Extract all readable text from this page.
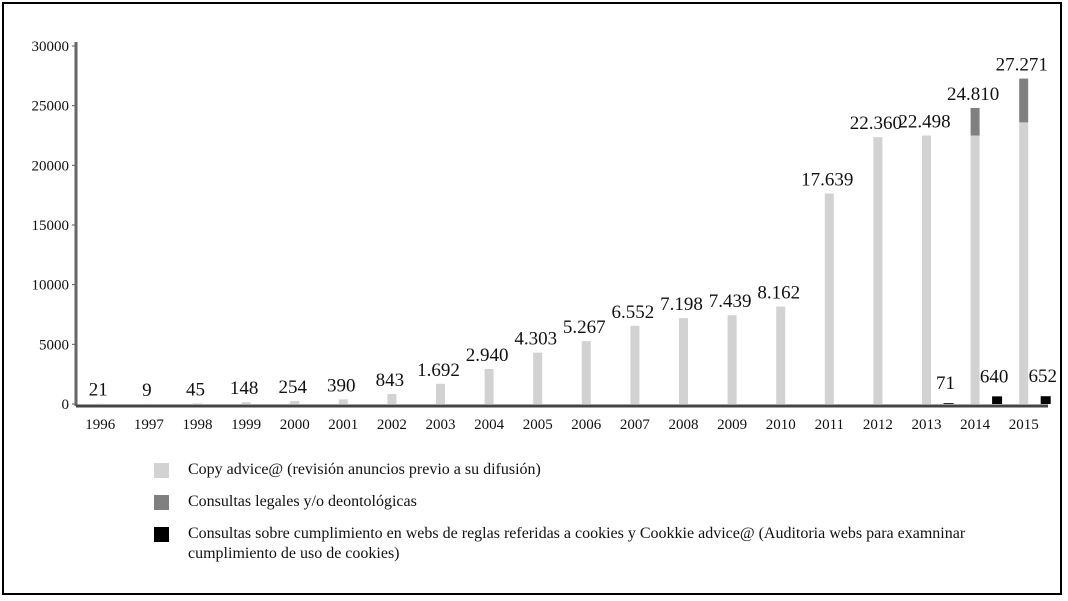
0
5000
10000
15000
20000
25000
30000
21
1996
9
1997
45
1998
148
1999
254
2000
390
2001
843
2002
1.692
2003
2.940
2004
4.303
2005
5.267
2006
6.552
2007
7.198
2008
7.439
2009
8.162
2010
17.639
2011
22.360
2012
22.498
2013
24.810
2014
27.271
2015
71 640 652
Copy advice@ (revisión anuncios previo a su difusión)
Consultas legales y/o deontológicas
Consultas sobre cumplimiento en webs de reglas referidas a cookies y Cookkie advice@ (Auditoria webs para examninar cumplimiento de uso de cookies)
